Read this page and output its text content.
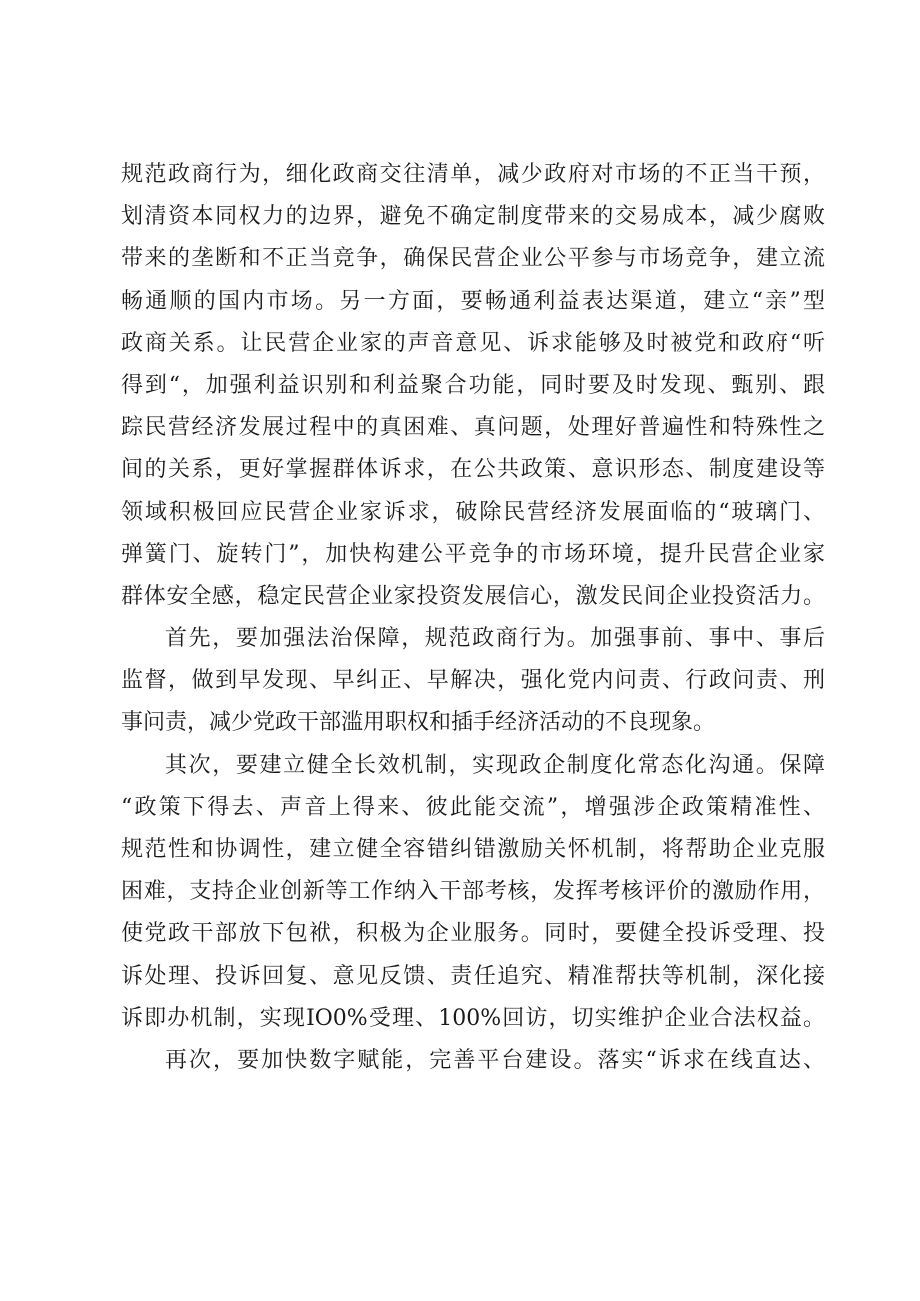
规范政商行为，细化政商交往清单，减少政府对市场的不正当干预，
划清资本同权力的边界，避免不确定制度带来的交易成本，减少腐败
带来的垄断和不正当竞争，确保民营企业公平参与市场竞争，建立流
畅通顺的国内市场。另一方面，要畅通利益表达渠道，建立“亲”型
政商关系。让民营企业家的声音意见、诉求能够及时被党和政府“听
得到“，加强利益识别和利益聚合功能，同时要及时发现、甄别、跟
踪民营经济发展过程中的真困难、真问题，处理好普遍性和特殊性之
间的关系，更好掌握群体诉求，在公共政策、意识形态、制度建设等
领域积极回应民营企业家诉求，破除民营经济发展面临的“玻璃门、
弹簧门、旋转门”，加快构建公平竞争的市场环境，提升民营企业家
群体安全感，稳定民营企业家投资发展信心，激发民间企业投资活力。
首先，要加强法治保障，规范政商行为。加强事前、事中、事后
监督，做到早发现、早纠正、早解决，强化党内问责、行政问责、刑
事问责，减少党政干部滥用职权和插手经济活动的不良现象。
其次，要建立健全长效机制，实现政企制度化常态化沟通。保障
“政策下得去、声音上得来、彼此能交流”，增强涉企政策精准性、
规范性和协调性，建立健全容错纠错激励关怀机制，将帮助企业克服
困难，支持企业创新等工作纳入干部考核，发挥考核评价的激励作用，
使党政干部放下包袱，积极为企业服务。同时，要健全投诉受理、投
诉处理、投诉回复、意见反馈、责任追究、精准帮扶等机制，深化接
诉即办机制，实现IO0%受理、100%回访，切实维护企业合法权益。
再次，要加快数字赋能，完善平台建设。落实“诉求在线直达、
